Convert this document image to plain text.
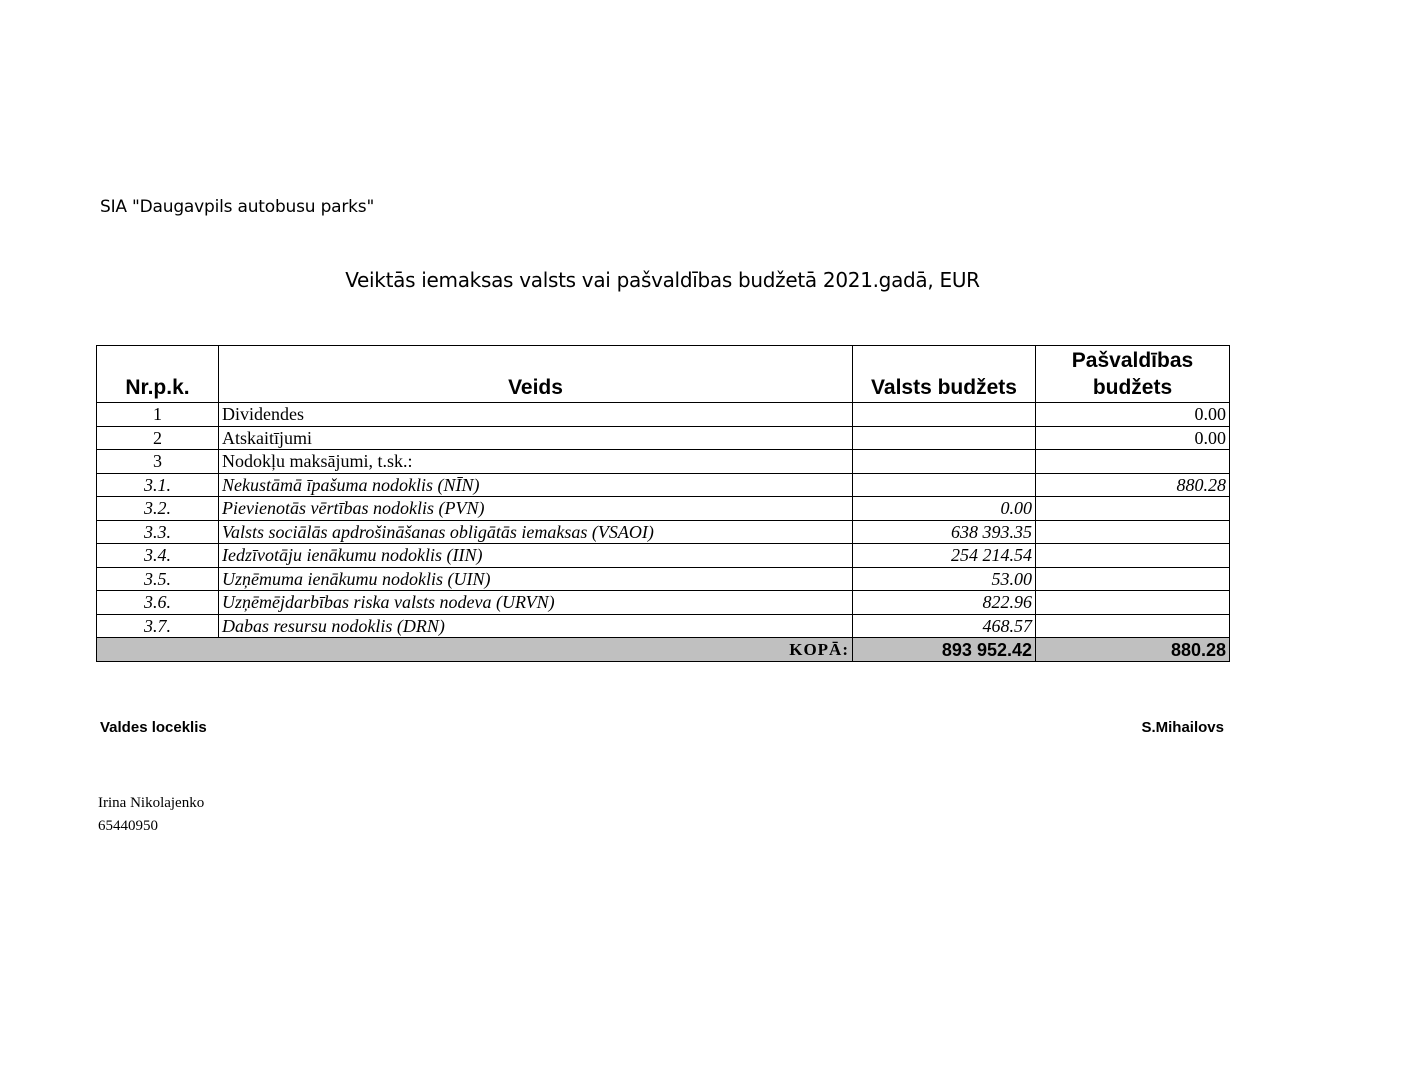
SIA "Daugavpils autobusu parks"
Veiktās iemaksas valsts vai pašvaldības budžetā 2021.gadā, EUR
Nr.p.k.	Veids	Valsts budžets	Pašvaldības budžets
1	Dividendes		0.00
2	Atskaitījumi		0.00
3	Nodokļu maksājumi, t.sk.:		
3.1.	Nekustāmā īpašuma nodoklis (NĪN)		880.28
3.2.	Pievienotās vērtības nodoklis (PVN)	0.00	
3.3.	Valsts sociālās apdrošināšanas obligātās iemaksas (VSAOI)	638 393.35	
3.4.	Iedzīvotāju ienākumu nodoklis (IIN)	254 214.54	
3.5.	Uzņēmuma ienākumu nodoklis (UIN)	53.00	
3.6.	Uzņēmējdarbības riska valsts nodeva (URVN)	822.96	
3.7.	Dabas resursu nodoklis (DRN)	468.57	
KOPĀ:		893 952.42	880.28
Valdes loceklis	S.Mihailovs
Irina Nikolajenko
65440950
